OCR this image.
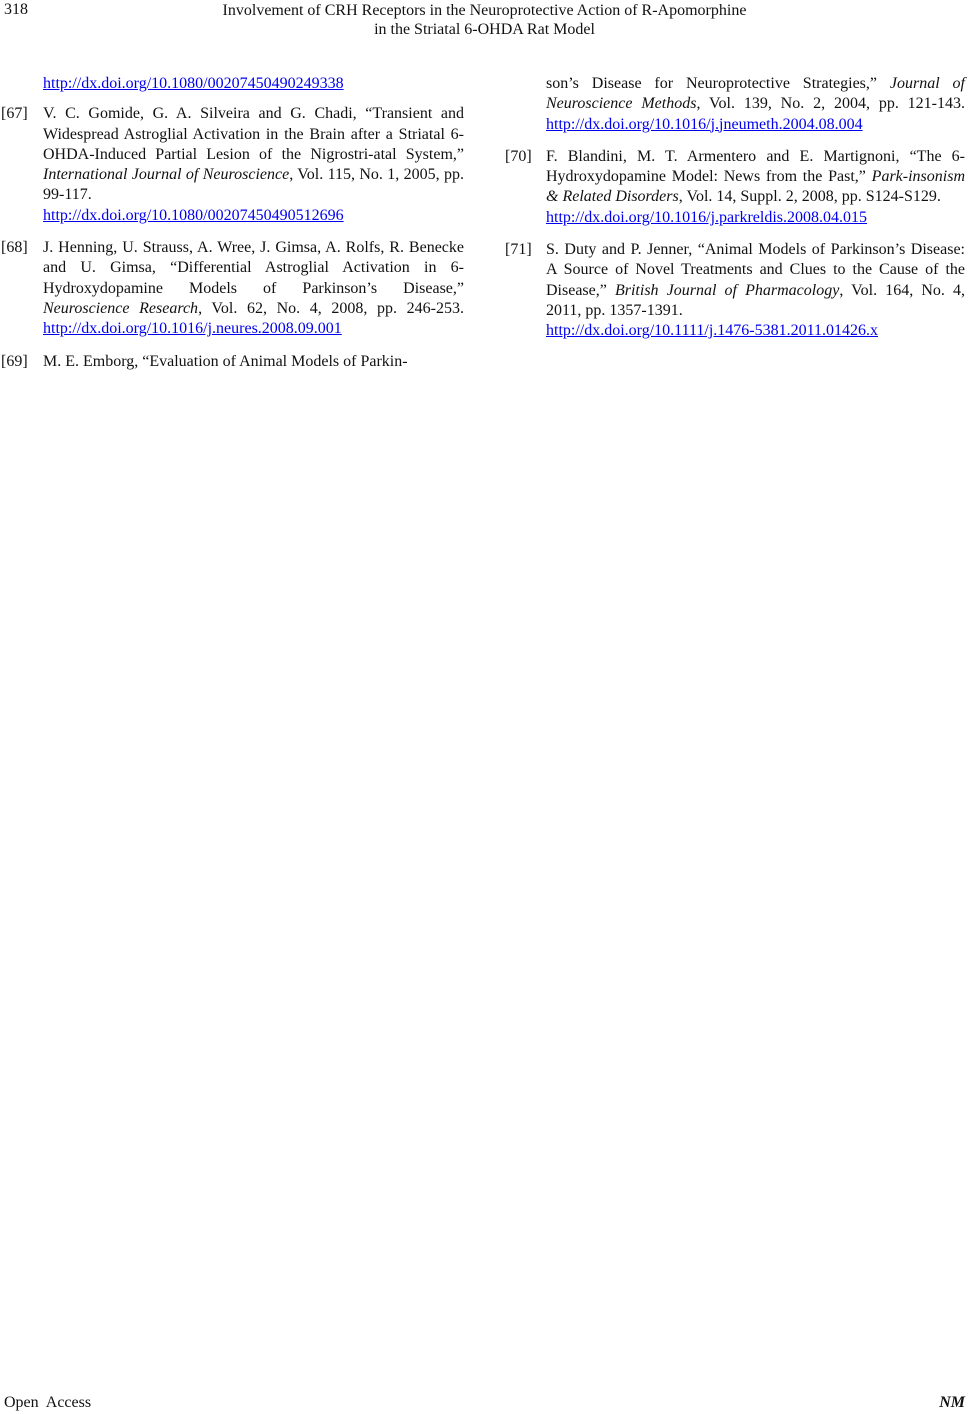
318	Involvement of CRH Receptors in the Neuroprotective Action of R-Apomorphine
in the Striatal 6-OHDA Rat Model
http://dx.doi.org/10.1080/00207450490249338
[67] V. C. Gomide, G. A. Silveira and G. Chadi, “Transient and Widespread Astroglial Activation in the Brain after a Striatal 6-OHDA-Induced Partial Lesion of the Nigrostri-atal System,” International Journal of Neuroscience, Vol. 115, No. 1, 2005, pp. 99-117.
http://dx.doi.org/10.1080/00207450490512696
[68] J. Henning, U. Strauss, A. Wree, J. Gimsa, A. Rolfs, R. Benecke and U. Gimsa, “Differential Astroglial Activation in 6-Hydroxydopamine Models of Parkinson’s Disease,” Neuroscience Research, Vol. 62, No. 4, 2008, pp. 246-253. http://dx.doi.org/10.1016/j.neures.2008.09.001
[69] M. E. Emborg, “Evaluation of Animal Models of Parkin-
son’s Disease for Neuroprotective Strategies,” Journal of Neuroscience Methods, Vol. 139, No. 2, 2004, pp. 121-143. http://dx.doi.org/10.1016/j.jneumeth.2004.08.004
[70] F. Blandini, M. T. Armentero and E. Martignoni, “The 6-Hydroxydopamine Model: News from the Past,” Park-insonism & Related Disorders, Vol. 14, Suppl. 2, 2008, pp. S124-S129.
http://dx.doi.org/10.1016/j.parkreldis.2008.04.015
[71] S. Duty and P. Jenner, “Animal Models of Parkinson’s Disease: A Source of Novel Treatments and Clues to the Cause of the Disease,” British Journal of Pharmacology, Vol. 164, No. 4, 2011, pp. 1357-1391.
http://dx.doi.org/10.1111/j.1476-5381.2011.01426.x
Open  Access	NM
